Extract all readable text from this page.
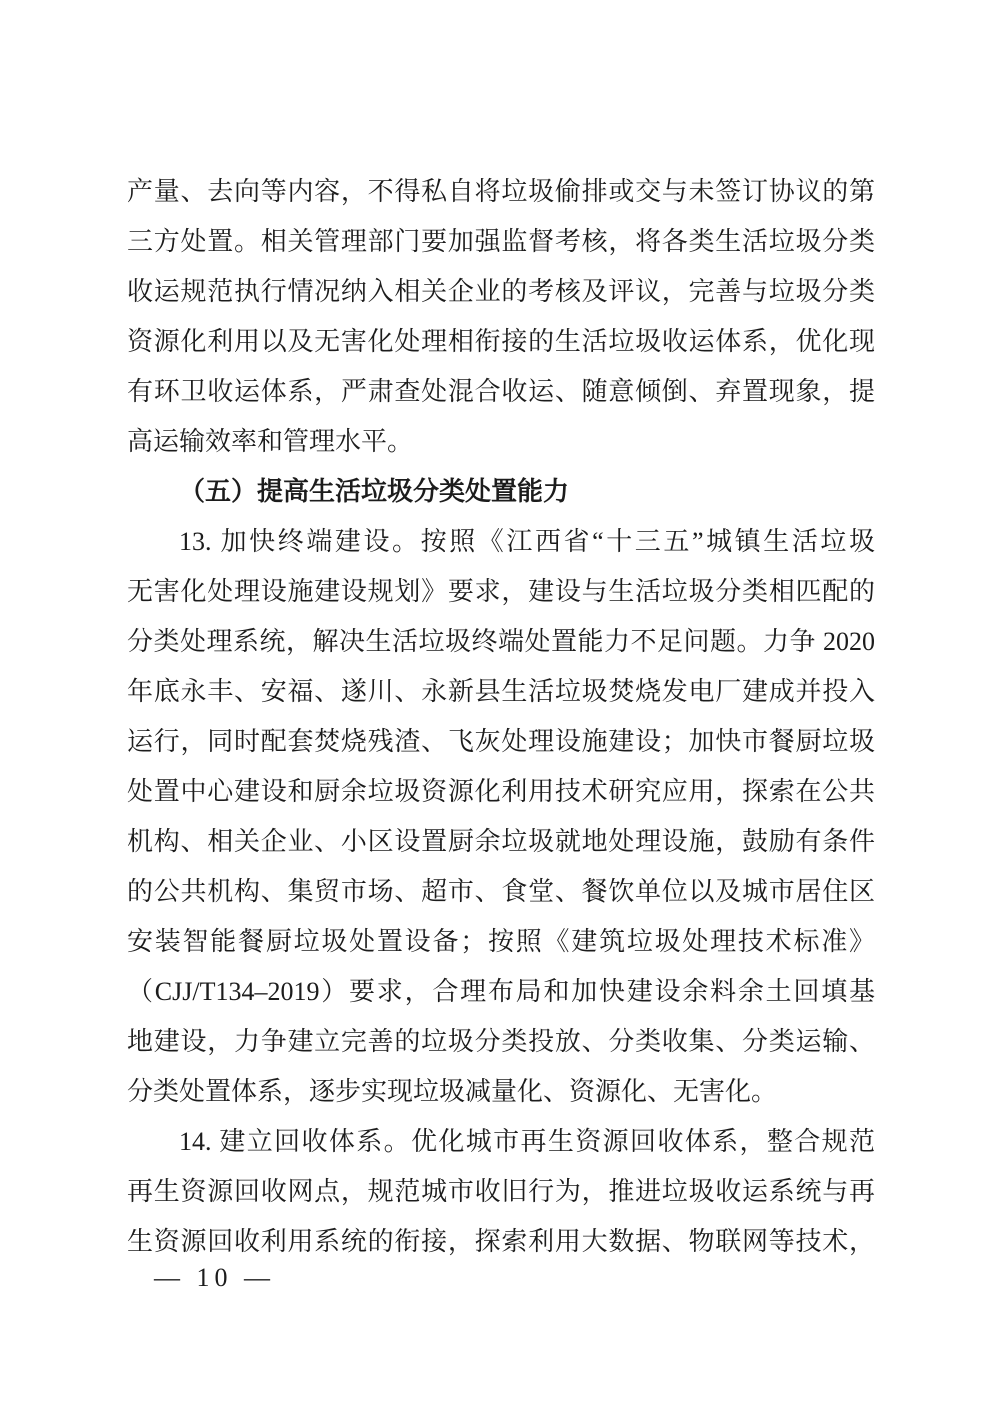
产量、去向等内容，不得私自将垃圾偷排或交与未签订协议的第
三方处置。相关管理部门要加强监督考核，将各类生活垃圾分类
收运规范执行情况纳入相关企业的考核及评议，完善与垃圾分类
资源化利用以及无害化处理相衔接的生活垃圾收运体系，优化现
有环卫收运体系，严肃查处混合收运、随意倾倒、弃置现象，提
高运输效率和管理水平。
（五）提高生活垃圾分类处置能力
13. 加快终端建设。按照《江西省“十三五”城镇生活垃圾
无害化处理设施建设规划》要求，建设与生活垃圾分类相匹配的
分类处理系统，解决生活垃圾终端处置能力不足问题。力争 2020
年底永丰、安福、遂川、永新县生活垃圾焚烧发电厂建成并投入
运行，同时配套焚烧残渣、飞灰处理设施建设；加快市餐厨垃圾
处置中心建设和厨余垃圾资源化利用技术研究应用，探索在公共
机构、相关企业、小区设置厨余垃圾就地处理设施，鼓励有条件
的公共机构、集贸市场、超市、食堂、餐饮单位以及城市居住区
安装智能餐厨垃圾处置设备；按照《建筑垃圾处理技术标准》
（CJJ/T134–2019）要求，合理布局和加快建设余料余土回填基
地建设，力争建立完善的垃圾分类投放、分类收集、分类运输、
分类处置体系，逐步实现垃圾减量化、资源化、无害化。
14. 建立回收体系。优化城市再生资源回收体系，整合规范
再生资源回收网点，规范城市收旧行为，推进垃圾收运系统与再
生资源回收利用系统的衔接，探索利用大数据、物联网等技术，
— 10 —
